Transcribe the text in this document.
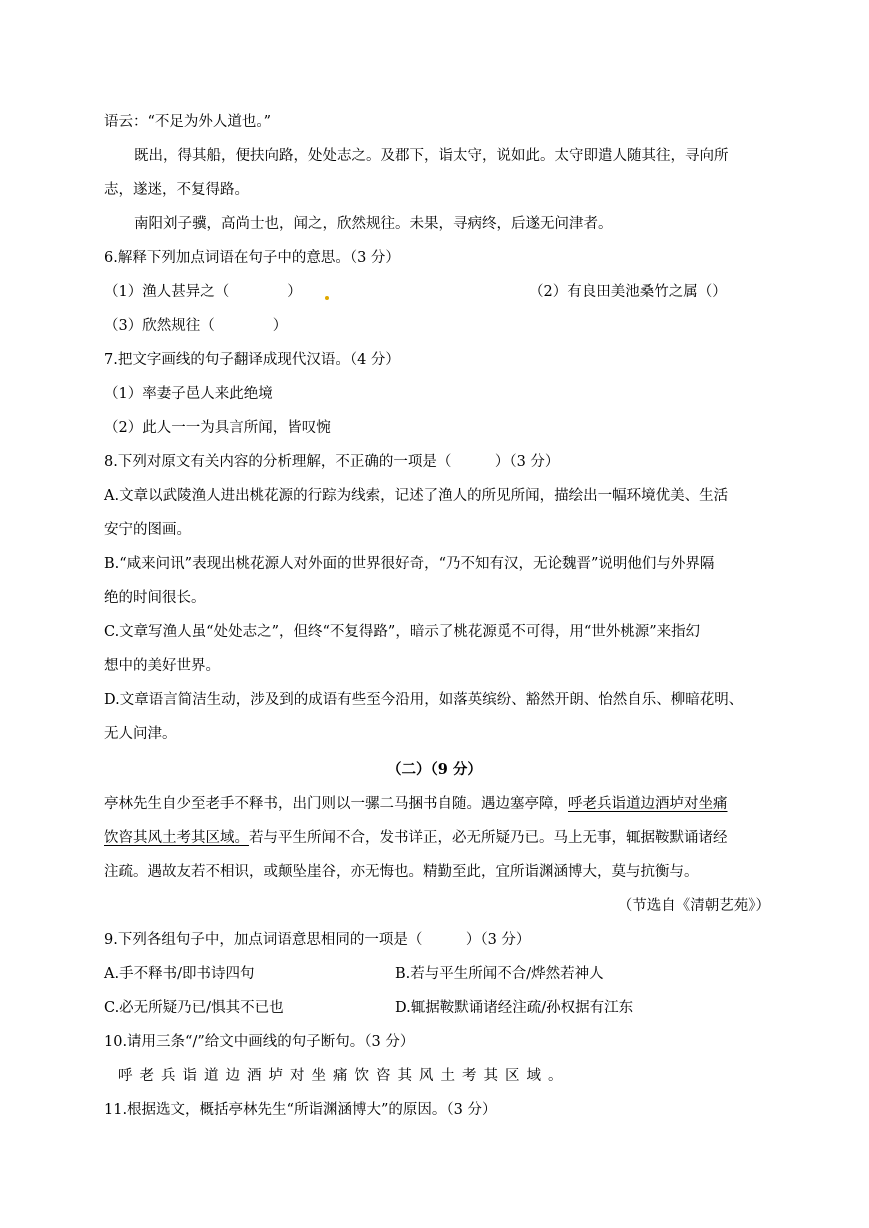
语云：“不足为外人道也。”
既出，得其船，便扶向路，处处志之。及郡下，诣太守，说如此。太守即遣人随其往，寻向所
志，遂迷，不复得路。
南阳刘子骥，高尚士也，闻之，欣然规往。未果，寻病终，后遂无问津者。
6.解释下列加点词语在句子中的意思。（3 分）
（1）渔人甚异之（　　　　）	（2）有良田美池桑竹之属（）
（3）欣然规往（　　　　）
7.把文字画线的句子翻译成现代汉语。（4 分）
（1）率妻子邑人来此绝境
（2）此人一一为具言所闻，皆叹惋
8.下列对原文有关内容的分析理解，不正确的一项是（　　　）（3 分）
A.文章以武陵渔人进出桃花源的行踪为线索，记述了渔人的所见所闻，描绘出一幅环境优美、生活
安宁的图画。
B.“咸来问讯”表现出桃花源人对外面的世界很好奇，“乃不知有汉，无论魏晋”说明他们与外界隔
绝的时间很长。
C.文章写渔人虽“处处志之”，但终“不复得路”，暗示了桃花源觅不可得，用“世外桃源”来指幻
想中的美好世界。
D.文章语言简洁生动，涉及到的成语有些至今沿用，如落英缤纷、豁然开朗、怡然自乐、柳暗花明、
无人问津。
（二）（9 分）
亭林先生自少至老手不释书，出门则以一骡二马捆书自随。遇边塞亭障，呼老兵诣道边酒垆对坐痛
饮咨其风土考其区域。若与平生所闻不合，发书详正，必无所疑乃已。马上无事，辄据鞍默诵诸经
注疏。遇故友若不相识，或颠坠崖谷，亦无悔也。精勤至此，宜所诣渊涵博大，莫与抗衡与。
（节选自《清朝艺苑》）
9.下列各组句子中，加点词语意思相同的一项是（　　　）（3 分）
A.手不释书/即书诗四句	B.若与平生所闻不合/烨然若神人
C.必无所疑乃已/惧其不已也	D.辄据鞍默诵诸经注疏/孙权据有江东
10.请用三条“/”给文中画线的句子断句。（3 分）
呼老兵诣道边酒垆对坐痛饮咨其风土考其区域。
11.根据选文，概括亭林先生“所诣渊涵博大”的原因。（3 分）
